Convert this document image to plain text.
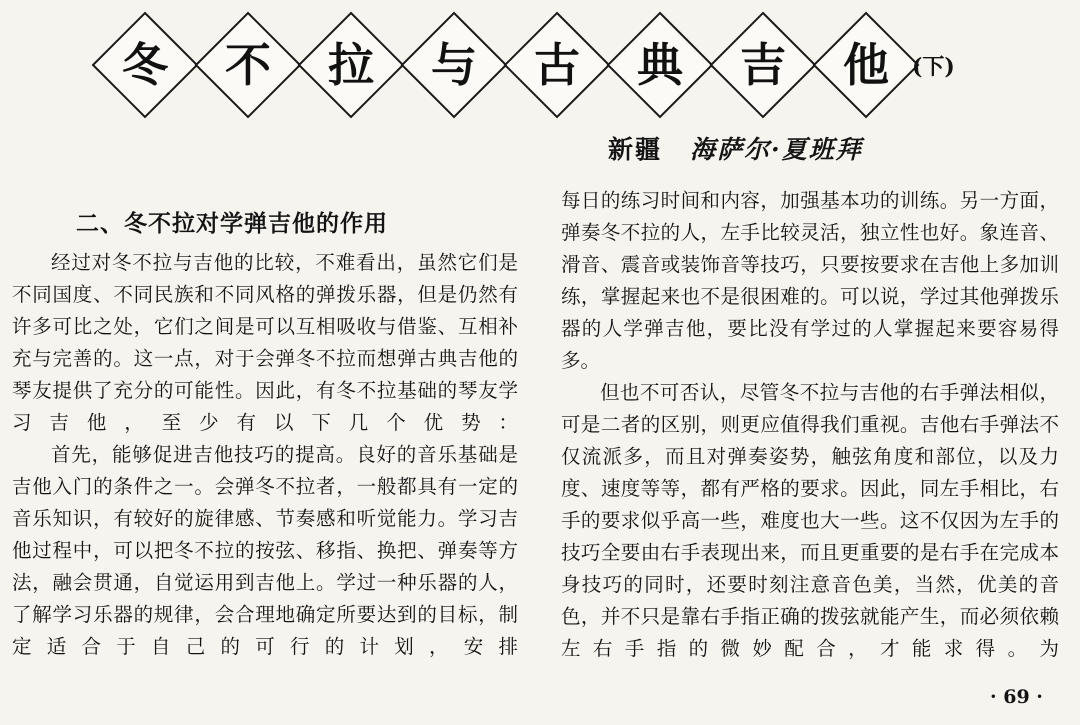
冬 不 拉 与 古 典 吉 他 (下)
新疆 海萨尔·夏班拜
二、冬不拉对学弹吉他的作用

经过对冬不拉与吉他的比较，不难看出，虽然它们是不同国度、不同民族和不同风格的弹拨乐器，但是仍然有许多可比之处，它们之间是可以互相吸收与借鉴、互相补充与完善的。这一点，对于会弹冬不拉而想弹古典吉他的琴友提供了充分的可能性。因此，有冬不拉基础的琴友学习吉他，至少有以下几个优势：

首先，能够促进吉他技巧的提高。良好的音乐基础是吉他入门的条件之一。会弹冬不拉者，一般都具有一定的音乐知识，有较好的旋律感、节奏感和听觉能力。学习吉他过程中，可以把冬不拉的按弦、移指、换把、弹奏等方法，融会贯通，自觉运用到吉他上。学过一种乐器的人，了解学习乐器的规律，会合理地确定所要达到的目标，制定适合于自己的可行的计划，安排

每日的练习时间和内容，加强基本功的训练。另一方面，弹奏冬不拉的人，左手比较灵活，独立性也好。象连音、滑音、震音或装饰音等技巧，只要按要求在吉他上多加训练，掌握起来也不是很困难的。可以说，学过其他弹拨乐器的人学弹吉他，要比没有学过的人掌握起来要容易得多。

但也不可否认，尽管冬不拉与吉他的右手弹法相似，可是二者的区别，则更应值得我们重视。吉他右手弹法不仅流派多，而且对弹奏姿势，触弦角度和部位，以及力度、速度等等，都有严格的要求。因此，同左手相比，右手的要求似乎高一些，难度也大一些。这不仅因为左手的技巧全要由右手表现出来，而且更重要的是右手在完成本身技巧的同时，还要时刻注意音色美，当然，优美的音色，并不只是靠右手指正确的拨弦就能产生，而必须依赖左右手指的微妙配合，才能求得。为

· 69 ·
